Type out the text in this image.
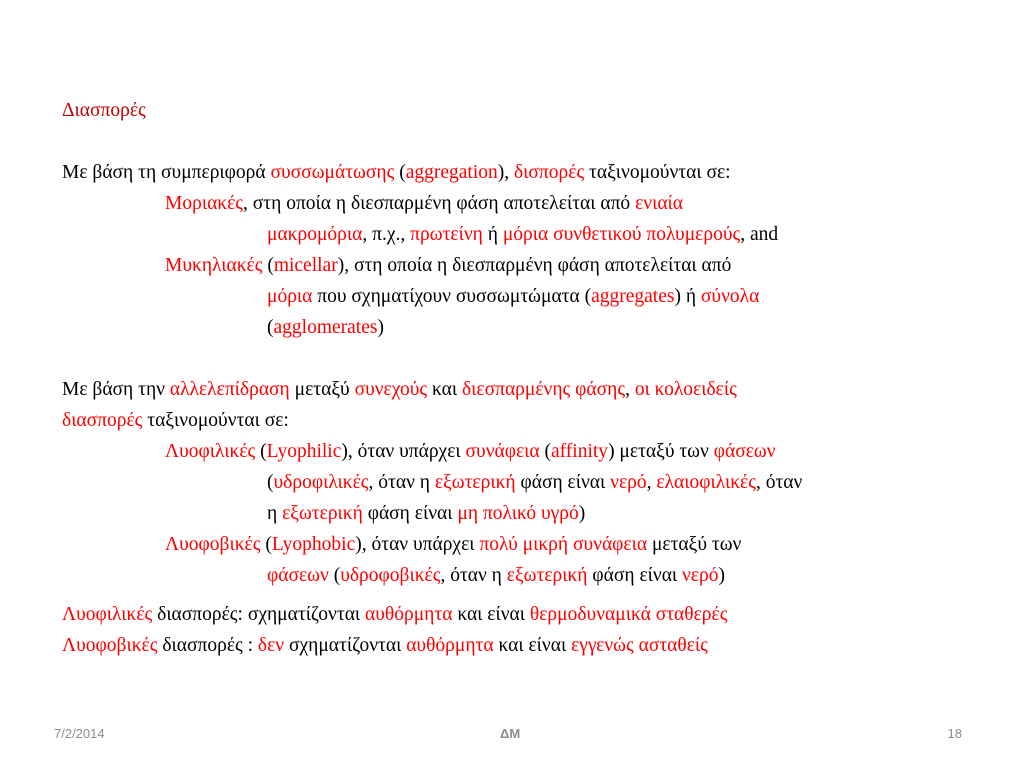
Διασπορές
Με βάση τη συμπεριφορά συσσωμάτωσης (aggregation), δισπορές ταξινομούνται σε:
Μοριακές, στη οποία η διεσπαρμένη φάση αποτελείται από ενιαία
μακρομόρια, π.χ., πρωτείνη ή μόρια συνθετικού πολυμερούς, and
Μυκηλιακές (micellar), στη οποία η διεσπαρμένη φάση αποτελείται από
μόρια που σχηματίχουν συσσωμτώματα (aggregates) ή σύνολα
(agglomerates)
Με βάση την αλλελεπίδραση μεταξύ συνεχούς και διεσπαρμένης φάσης, οι κολοειδείς
διασπορές ταξινομούνται σε:
Λυοφιλικές (Lyophilic), όταν υπάρχει συνάφεια (affinity) μεταξύ των φάσεων
(υδροφιλικές, όταν η εξωτερική φάση είναι νερό, ελαιοφιλικές, όταν
η εξωτερική φάση είναι μη πολικό υγρό)
Λυοφοβικές (Lyophobic), όταν υπάρχει πολύ μικρή συνάφεια μεταξύ των
φάσεων (υδροφοβικές, όταν η εξωτερική φάση είναι νερό)
Λυοφιλικές διασπορές: σχηματίζονται αυθόρμητα και είναι θερμοδυναμικά σταθερές
Λυοφοβικές διασπορές : δεν σχηματίζονται αυθόρμητα και είναι εγγενώς ασταθείς
7/2/2014	ΔΜ	18
